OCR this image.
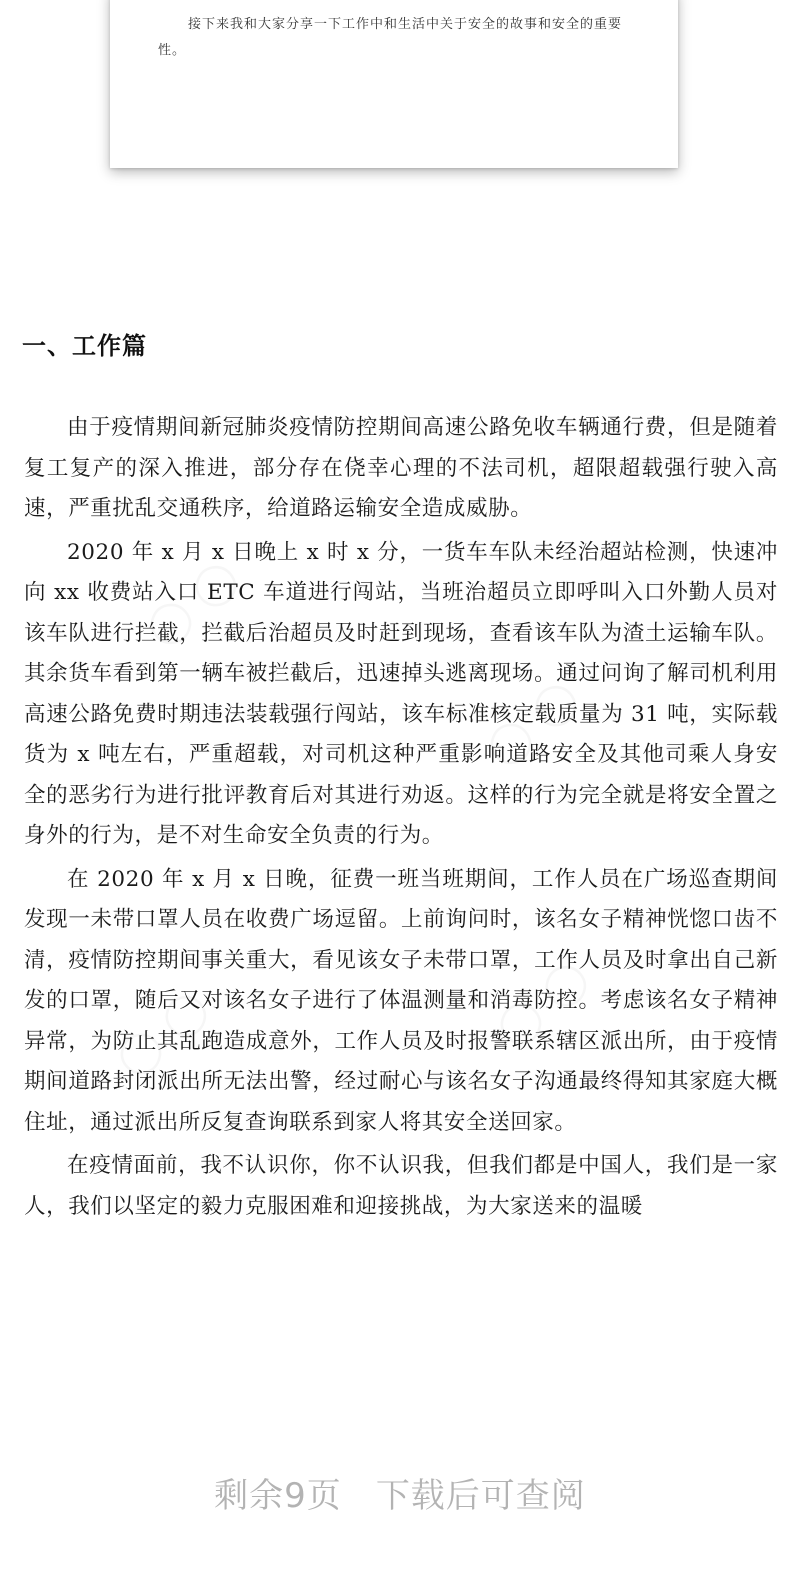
接下来我和大家分享一下工作中和生活中关于安全的故事和安全的重要性。

◯ ◯
◯ ◯
◯ ◯	◯ ◯
一、工作篇

由于疫情期间新冠肺炎疫情防控期间高速公路免收车辆通行费，但是随着复工复产的深入推进，部分存在侥幸心理的不法司机，超限超载强行驶入高速，严重扰乱交通秩序，给道路运输安全造成威胁。

2020 年 x 月 x 日晚上 x 时 x 分，一货车车队未经治超站检测，快速冲向 xx 收费站入口 ETC 车道进行闯站，当班治超员立即呼叫入口外勤人员对该车队进行拦截，拦截后治超员及时赶到现场，查看该车队为渣土运输车队。其余货车看到第一辆车被拦截后，迅速掉头逃离现场。通过问询了解司机利用高速公路免费时期违法装载强行闯站，该车标准核定载质量为 31 吨，实际载货为 x 吨左右，严重超载，对司机这种严重影响道路安全及其他司乘人身安全的恶劣行为进行批评教育后对其进行劝返。这样的行为完全就是将安全置之身外的行为，是不对生命安全负责的行为。

在 2020 年 x 月 x 日晚，征费一班当班期间，工作人员在广场巡查期间发现一未带口罩人员在收费广场逗留。上前询问时，该名女子精神恍惚口齿不清，疫情防控期间事关重大，看见该女子未带口罩，工作人员及时拿出自己新发的口罩，随后又对该名女子进行了体温测量和消毒防控。考虑该名女子精神异常，为防止其乱跑造成意外，工作人员及时报警联系辖区派出所，由于疫情期间道路封闭派出所无法出警，经过耐心与该名女子沟通最终得知其家庭大概住址，通过派出所反复查询联系到家人将其安全送回家。

在疫情面前，我不认识你，你不认识我，但我们都是中国人，我们是一家人，我们以坚定的毅力克服困难和迎接挑战，为大家送来的温暖

剩余9页 下载后可查阅
